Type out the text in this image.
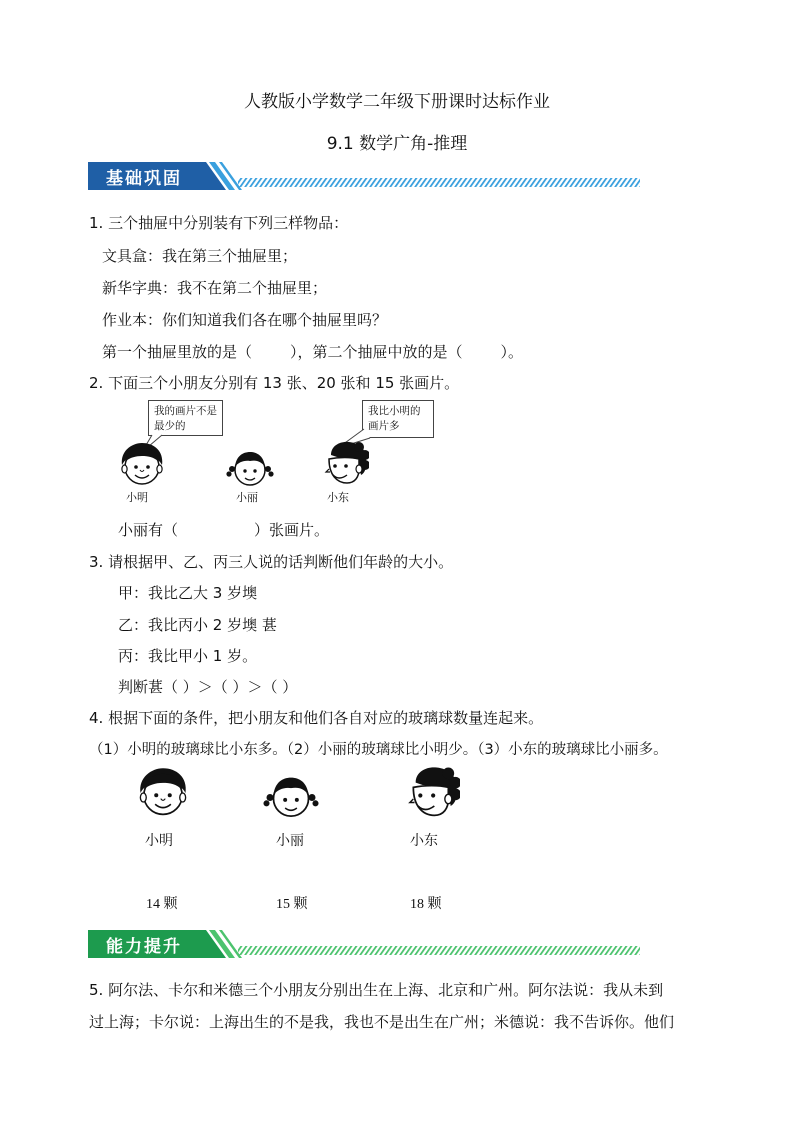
人教版小学数学二年级下册课时达标作业
9.1 数学广角-推理
基础巩固
1. 三个抽屉中分别装有下列三样物品：
文具盒：我在第三个抽屉里；
新华字典：我不在第二个抽屉里；
作业本：你们知道我们各在哪个抽屉里吗？
第一个抽屉里放的是（	），第二个抽屉中放的是（	）。
2. 下面三个小朋友分别有 13 张、20 张和 15 张画片。
我的画片不是最少的
我比小明的画片多
小明	小丽	小东
小丽有（	）张画片。
3. 请根据甲、乙、丙三人说的话判断他们年龄的大小。
甲：我比乙大 3 岁墺
乙：我比丙小 2 岁墺 葚
丙：我比甲小 1 岁。
判断葚（ ）＞（ ）＞（ ）
4. 根据下面的条件，把小朋友和他们各自对应的玻璃球数量连起来。
（1）小明的玻璃球比小东多。（2）小丽的玻璃球比小明少。（3）小东的玻璃球比小丽多。
小明	小丽	小东
14 颗	15 颗	18 颗
能力提升
5. 阿尔法、卡尔和米德三个小朋友分别出生在上海、北京和广州。阿尔法说：我从未到
过上海；卡尔说：上海出生的不是我，我也不是出生在广州；米德说：我不告诉你。他们
